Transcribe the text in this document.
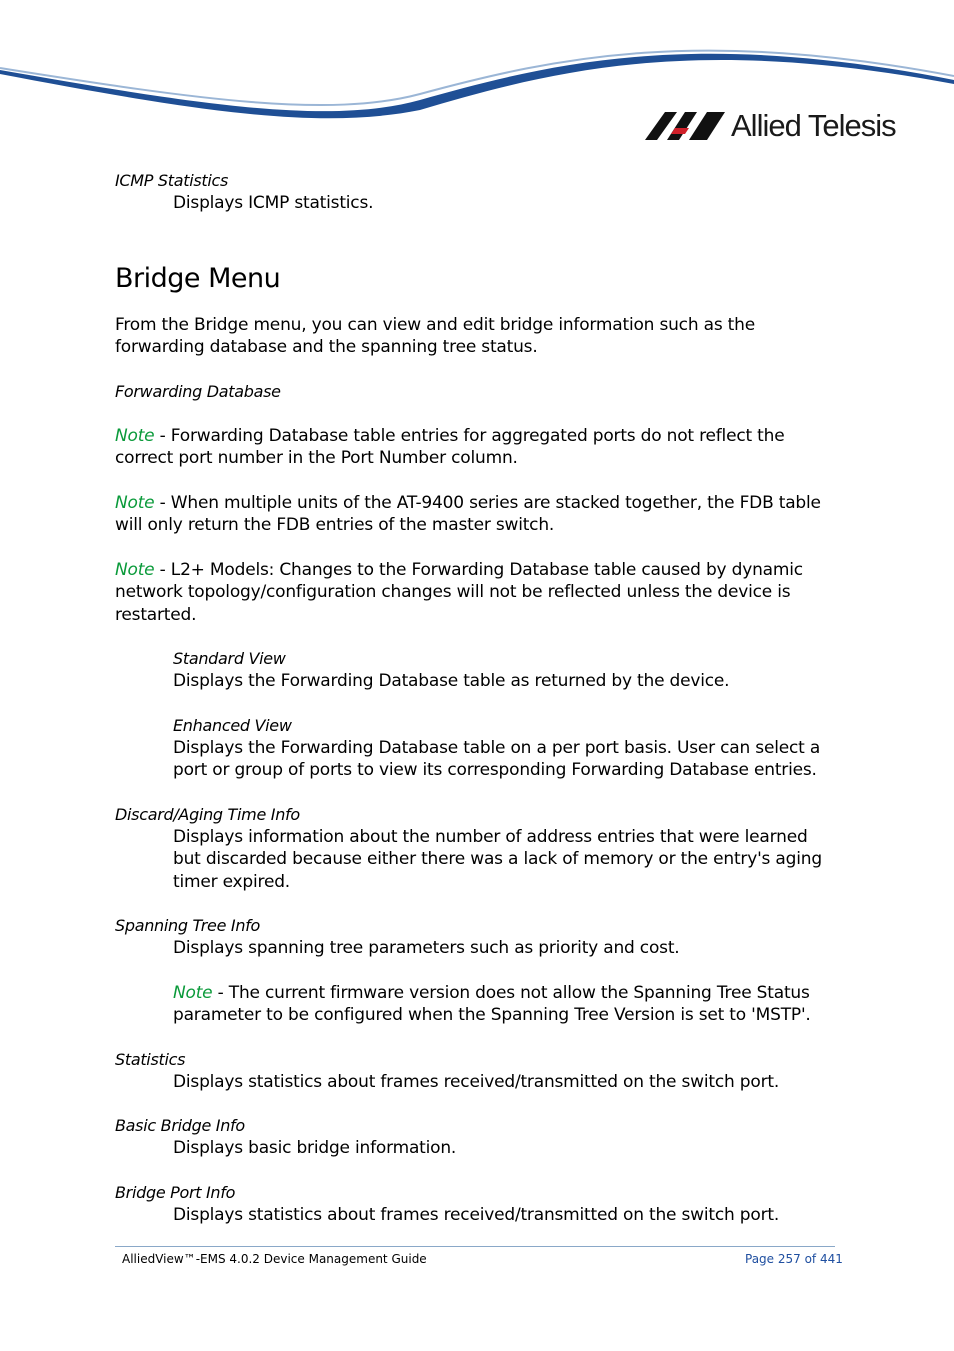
Allied Telesis

ICMP Statistics

Displays ICMP statistics.

Bridge Menu

From the Bridge menu, you can view and edit bridge information such as the forwarding database and the spanning tree status.

Forwarding Database

Note - Forwarding Database table entries for aggregated ports do not reflect the correct port number in the Port Number column.

Note - When multiple units of the AT-9400 series are stacked together, the FDB table will only return the FDB entries of the master switch.

Note - L2+ Models: Changes to the Forwarding Database table caused by dynamic network topology/configuration changes will not be reflected unless the device is restarted.

Standard View

Displays the Forwarding Database table as returned by the device.

Enhanced View

Displays the Forwarding Database table on a per port basis. User can select a port or group of ports to view its corresponding Forwarding Database entries.

Discard/Aging Time Info

Displays information about the number of address entries that were learned but discarded because either there was a lack of memory or the entry's aging timer expired.

Spanning Tree Info

Displays spanning tree parameters such as priority and cost.

Note - The current firmware version does not allow the Spanning Tree Status parameter to be configured when the Spanning Tree Version is set to 'MSTP'.

Statistics

Displays statistics about frames received/transmitted on the switch port.

Basic Bridge Info

Displays basic bridge information.

Bridge Port Info

Displays statistics about frames received/transmitted on the switch port.

AlliedView™-EMS 4.0.2 Device Management Guide	Page 257 of 441
